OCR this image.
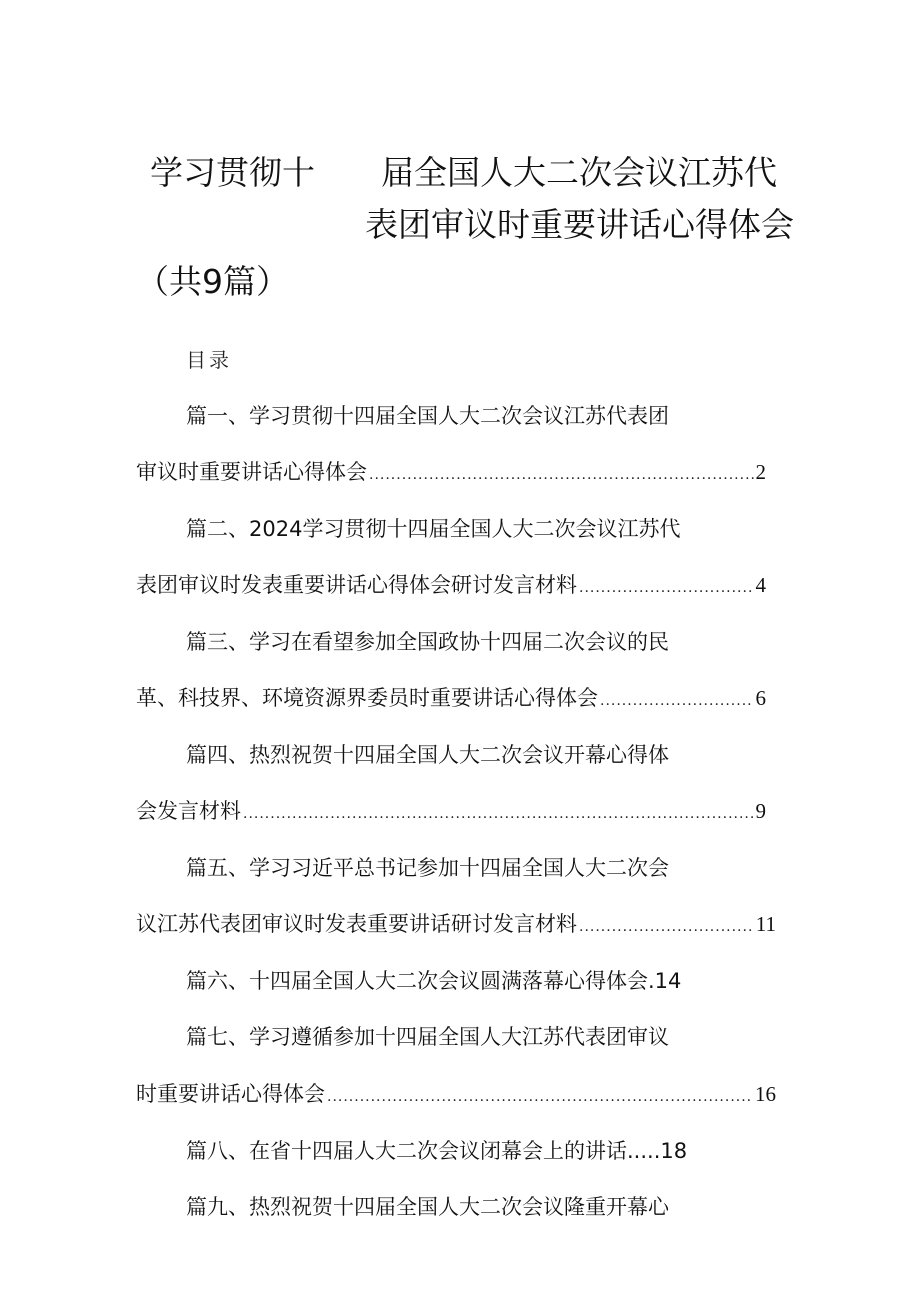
学习贯彻十 届全国人大二次会议江苏代
表团审议时重要讲话心得体会
（共9篇）
目录
篇一、学习贯彻十四届全国人大二次会议江苏代表团
审议时重要讲话心得体会 .....	2
篇二、2024学习贯彻十四届全国人大二次会议江苏代
表团审议时发表重要讲话心得体会研讨发言材料 .....	4
篇三、学习在看望参加全国政协十四届二次会议的民
革、科技界、环境资源界委员时重要讲话心得体会 .....	6
篇四、热烈祝贺十四届全国人大二次会议开幕心得体
会发言材料 .....	9
篇五、学习习近平总书记参加十四届全国人大二次会
议江苏代表团审议时发表重要讲话研讨发言材料 .....	11
篇六、十四届全国人大二次会议圆满落幕心得体会.14
篇七、学习遵循参加十四届全国人大江苏代表团审议
时重要讲话心得体会 .....	16
篇八、在省十四届人大二次会议闭幕会上的讲话.....18
篇九、热烈祝贺十四届全国人大二次会议隆重开幕心
